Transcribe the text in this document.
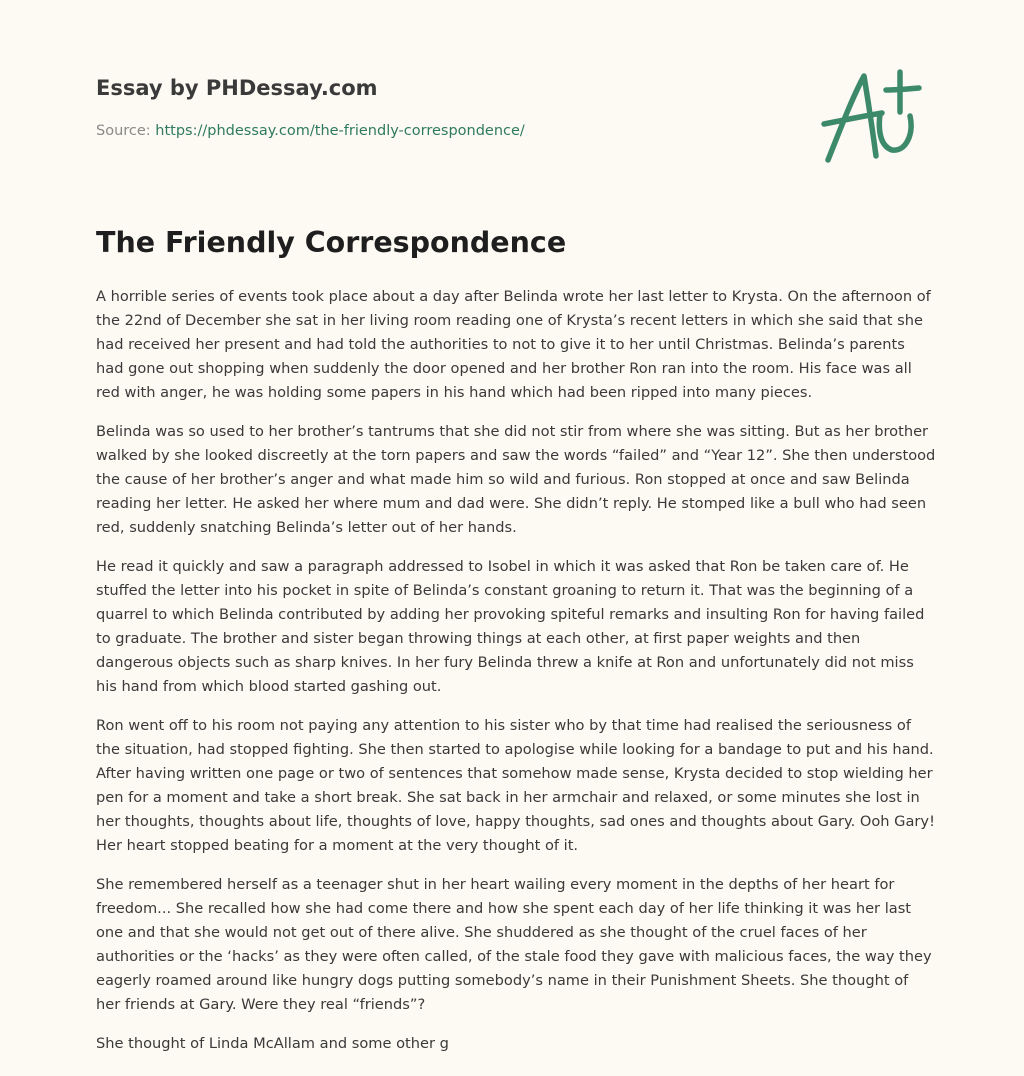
Essay by PHDessay.com
Source: https://phdessay.com/the-friendly-correspondence/
The Friendly Correspondence

A horrible series of events took place about a day after Belinda wrote her last letter to Krysta. On the afternoon of the 22nd of December she sat in her living room reading one of Krysta’s recent letters in which she said that she had received her present and had told the authorities to not to give it to her until Christmas. Belinda’s parents had gone out shopping when suddenly the door opened and her brother Ron ran into the room. His face was all red with anger, he was holding some papers in his hand which had been ripped into many pieces.

Belinda was so used to her brother’s tantrums that she did not stir from where she was sitting. But as her brother walked by she looked discreetly at the torn papers and saw the words “failed” and “Year 12”. She then understood the cause of her brother’s anger and what made him so wild and furious. Ron stopped at once and saw Belinda reading her letter. He asked her where mum and dad were. She didn’t reply. He stomped like a bull who had seen red, suddenly snatching Belinda’s letter out of her hands.

He read it quickly and saw a paragraph addressed to Isobel in which it was asked that Ron be taken care of. He stuffed the letter into his pocket in spite of Belinda’s constant groaning to return it. That was the beginning of a quarrel to which Belinda contributed by adding her provoking spiteful remarks and insulting Ron for having failed to graduate. The brother and sister began throwing things at each other, at first paper weights and then dangerous objects such as sharp knives. In her fury Belinda threw a knife at Ron and unfortunately did not miss his hand from which blood started gashing out.

Ron went off to his room not paying any attention to his sister who by that time had realised the seriousness of the situation, had stopped fighting. She then started to apologise while looking for a bandage to put and his hand. After having written one page or two of sentences that somehow made sense, Krysta decided to stop wielding her pen for a moment and take a short break. She sat back in her armchair and relaxed, or some minutes she lost in her thoughts, thoughts about life, thoughts of love, happy thoughts, sad ones and thoughts about Gary. Ooh Gary! Her heart stopped beating for a moment at the very thought of it.

She remembered herself as a teenager shut in her heart wailing every moment in the depths of her heart for freedom... She recalled how she had come there and how she spent each day of her life thinking it was her last one and that she would not get out of there alive. She shuddered as she thought of the cruel faces of her authorities or the ‘hacks’ as they were often called, of the stale food they gave with malicious faces, the way they eagerly roamed around like hungry dogs putting somebody’s name in their Punishment Sheets. She thought of her friends at Gary. Were they real “friends”?

She thought of Linda McAllam and some other g
